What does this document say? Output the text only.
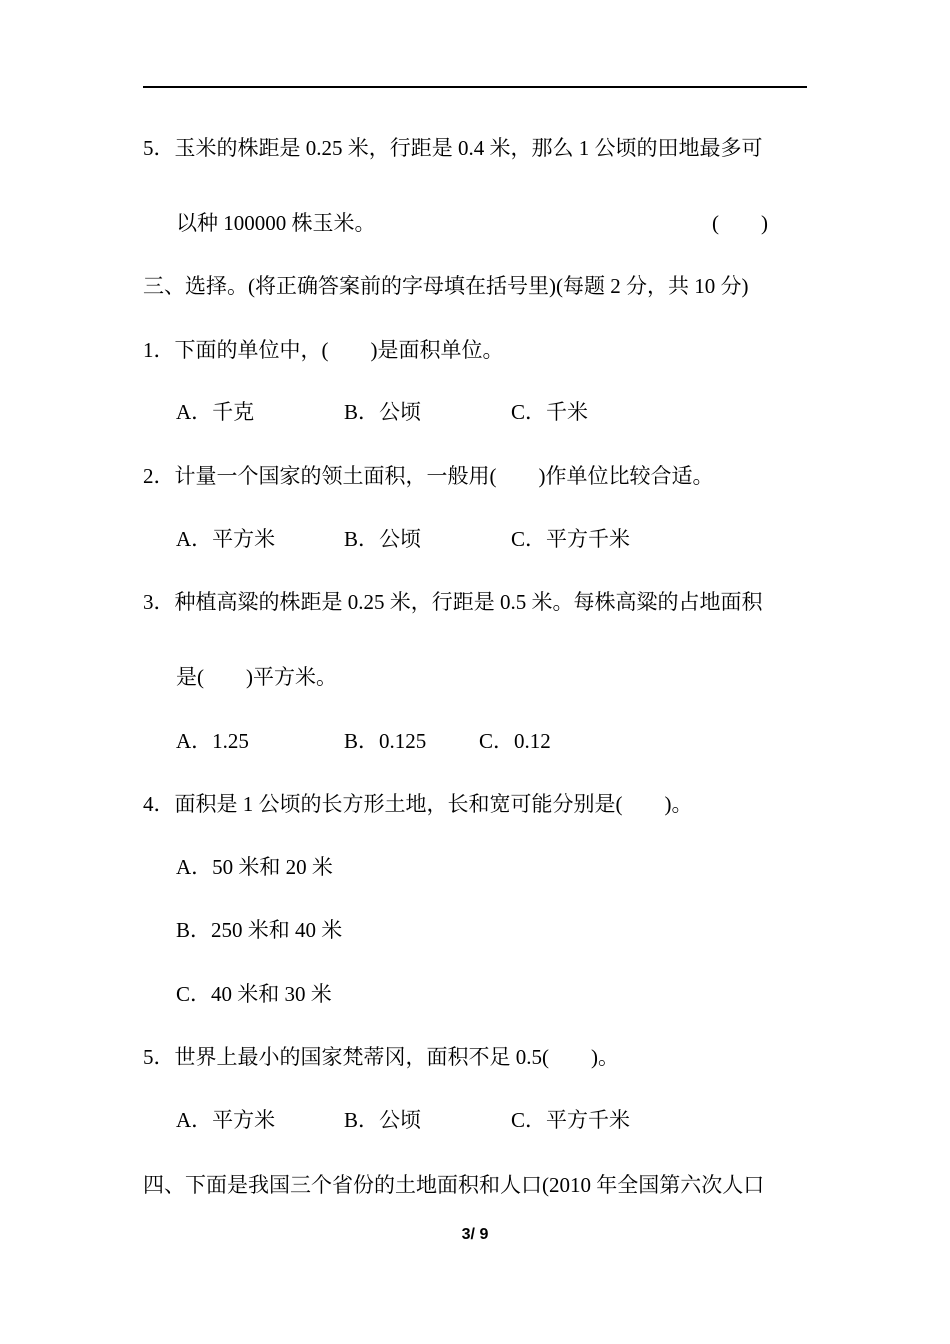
5．玉米的株距是 0.25 米，行距是 0.4 米，那么 1 公顷的田地最多可
以种 100000 株玉米。	(　　)
三、选择。(将正确答案前的字母填在括号里)(每题 2 分，共 10 分)
1．下面的单位中，(　　)是面积单位。
A．千克	B．公顷	C．千米
2．计量一个国家的领土面积，一般用(　　)作单位比较合适。
A．平方米	B．公顷	C．平方千米
3．种植高粱的株距是 0.25 米，行距是 0.5 米。每株高粱的占地面积
是(　　)平方米。
A．1.25	B．0.125	C．0.12
4．面积是 1 公顷的长方形土地，长和宽可能分别是(　　)。
A．50 米和 20 米
B．250 米和 40 米
C．40 米和 30 米
5．世界上最小的国家梵蒂冈，面积不足 0.5(　　)。
A．平方米	B．公顷	C．平方千米
四、下面是我国三个省份的土地面积和人口(2010 年全国第六次人口
3/ 9
